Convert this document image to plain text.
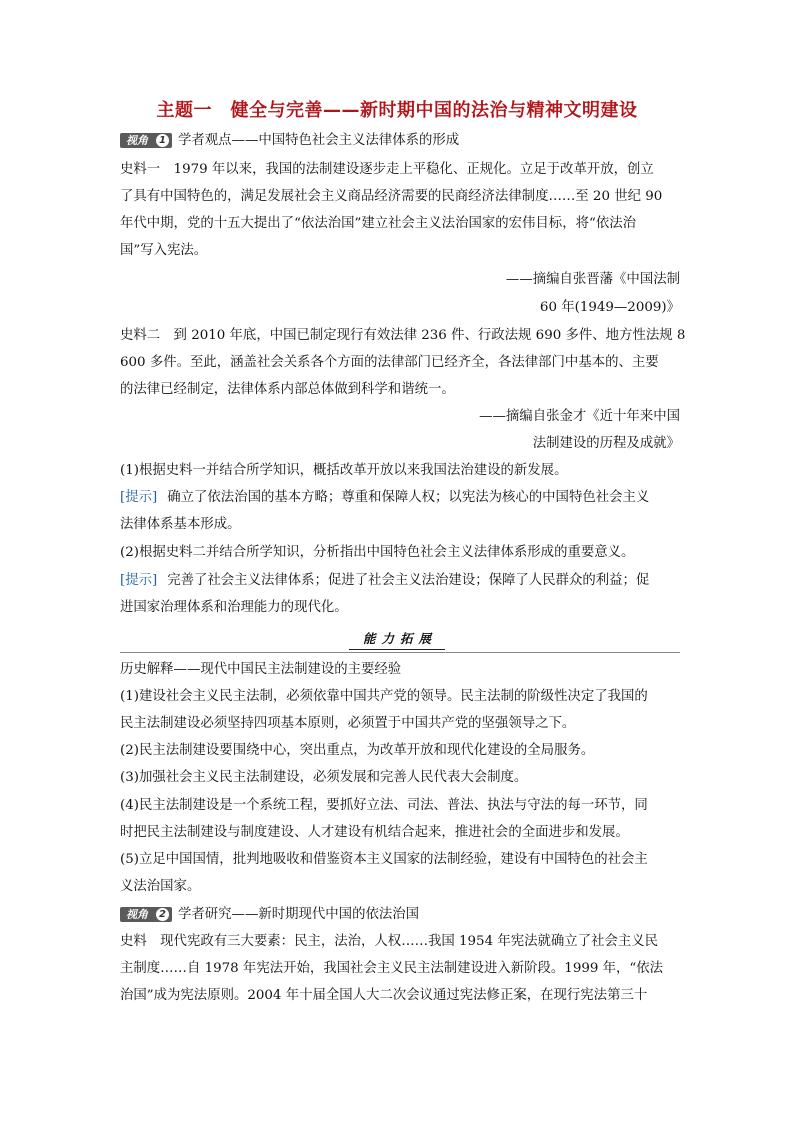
主题一　健全与完善——新时期中国的法治与精神文明建设
视角	1 学者观点——中国特色社会主义法律体系的形成
史料一　1979 年以来，我国的法制建设逐步走上平稳化、正规化。立足于改革开放，创立
了具有中国特色的，满足发展社会主义商品经济需要的民商经济法律制度……至 20 世纪 90
年代中期，党的十五大提出了“依法治国”建立社会主义法治国家的宏伟目标，将“依法治
国”写入宪法。
——摘编自张晋藩《中国法制
60 年(1949—2009)》
史料二　到 2010 年底，中国已制定现行有效法律 236 件、行政法规 690 多件、地方性法规 8
600 多件。至此，涵盖社会关系各个方面的法律部门已经齐全，各法律部门中基本的、主要
的法律已经制定，法律体系内部总体做到科学和谐统一。
——摘编自张金才《近十年来中国
法制建设的历程及成就》
(1)根据史料一并结合所学知识，概括改革开放以来我国法治建设的新发展。
[提示] 确立了依法治国的基本方略；尊重和保障人权；以宪法为核心的中国特色社会主义
法律体系基本形成。
(2)根据史料二并结合所学知识，分析指出中国特色社会主义法律体系形成的重要意义。
[提示] 完善了社会主义法律体系；促进了社会主义法治建设；保障了人民群众的利益；促
进国家治理体系和治理能力的现代化。
能力拓展
历史解释——现代中国民主法制建设的主要经验
(1)建设社会主义民主法制，必须依靠中国共产党的领导。民主法制的阶级性决定了我国的
民主法制建设必须坚持四项基本原则，必须置于中国共产党的坚强领导之下。
(2)民主法制建设要围绕中心，突出重点，为改革开放和现代化建设的全局服务。
(3)加强社会主义民主法制建设，必须发展和完善人民代表大会制度。
(4)民主法制建设是一个系统工程，要抓好立法、司法、普法、执法与守法的每一环节，同
时把民主法制建设与制度建设、人才建设有机结合起来，推进社会的全面进步和发展。
(5)立足中国国情，批判地吸收和借鉴资本主义国家的法制经验，建设有中国特色的社会主
义法治国家。
视角	2 学者研究——新时期现代中国的依法治国
史料　现代宪政有三大要素：民主，法治，人权……我国 1954 年宪法就确立了社会主义民
主制度……自 1978 年宪法开始，我国社会主义民主法制建设进入新阶段。1999 年，“依法
治国”成为宪法原则。2004 年十届全国人大二次会议通过宪法修正案，在现行宪法第三十
